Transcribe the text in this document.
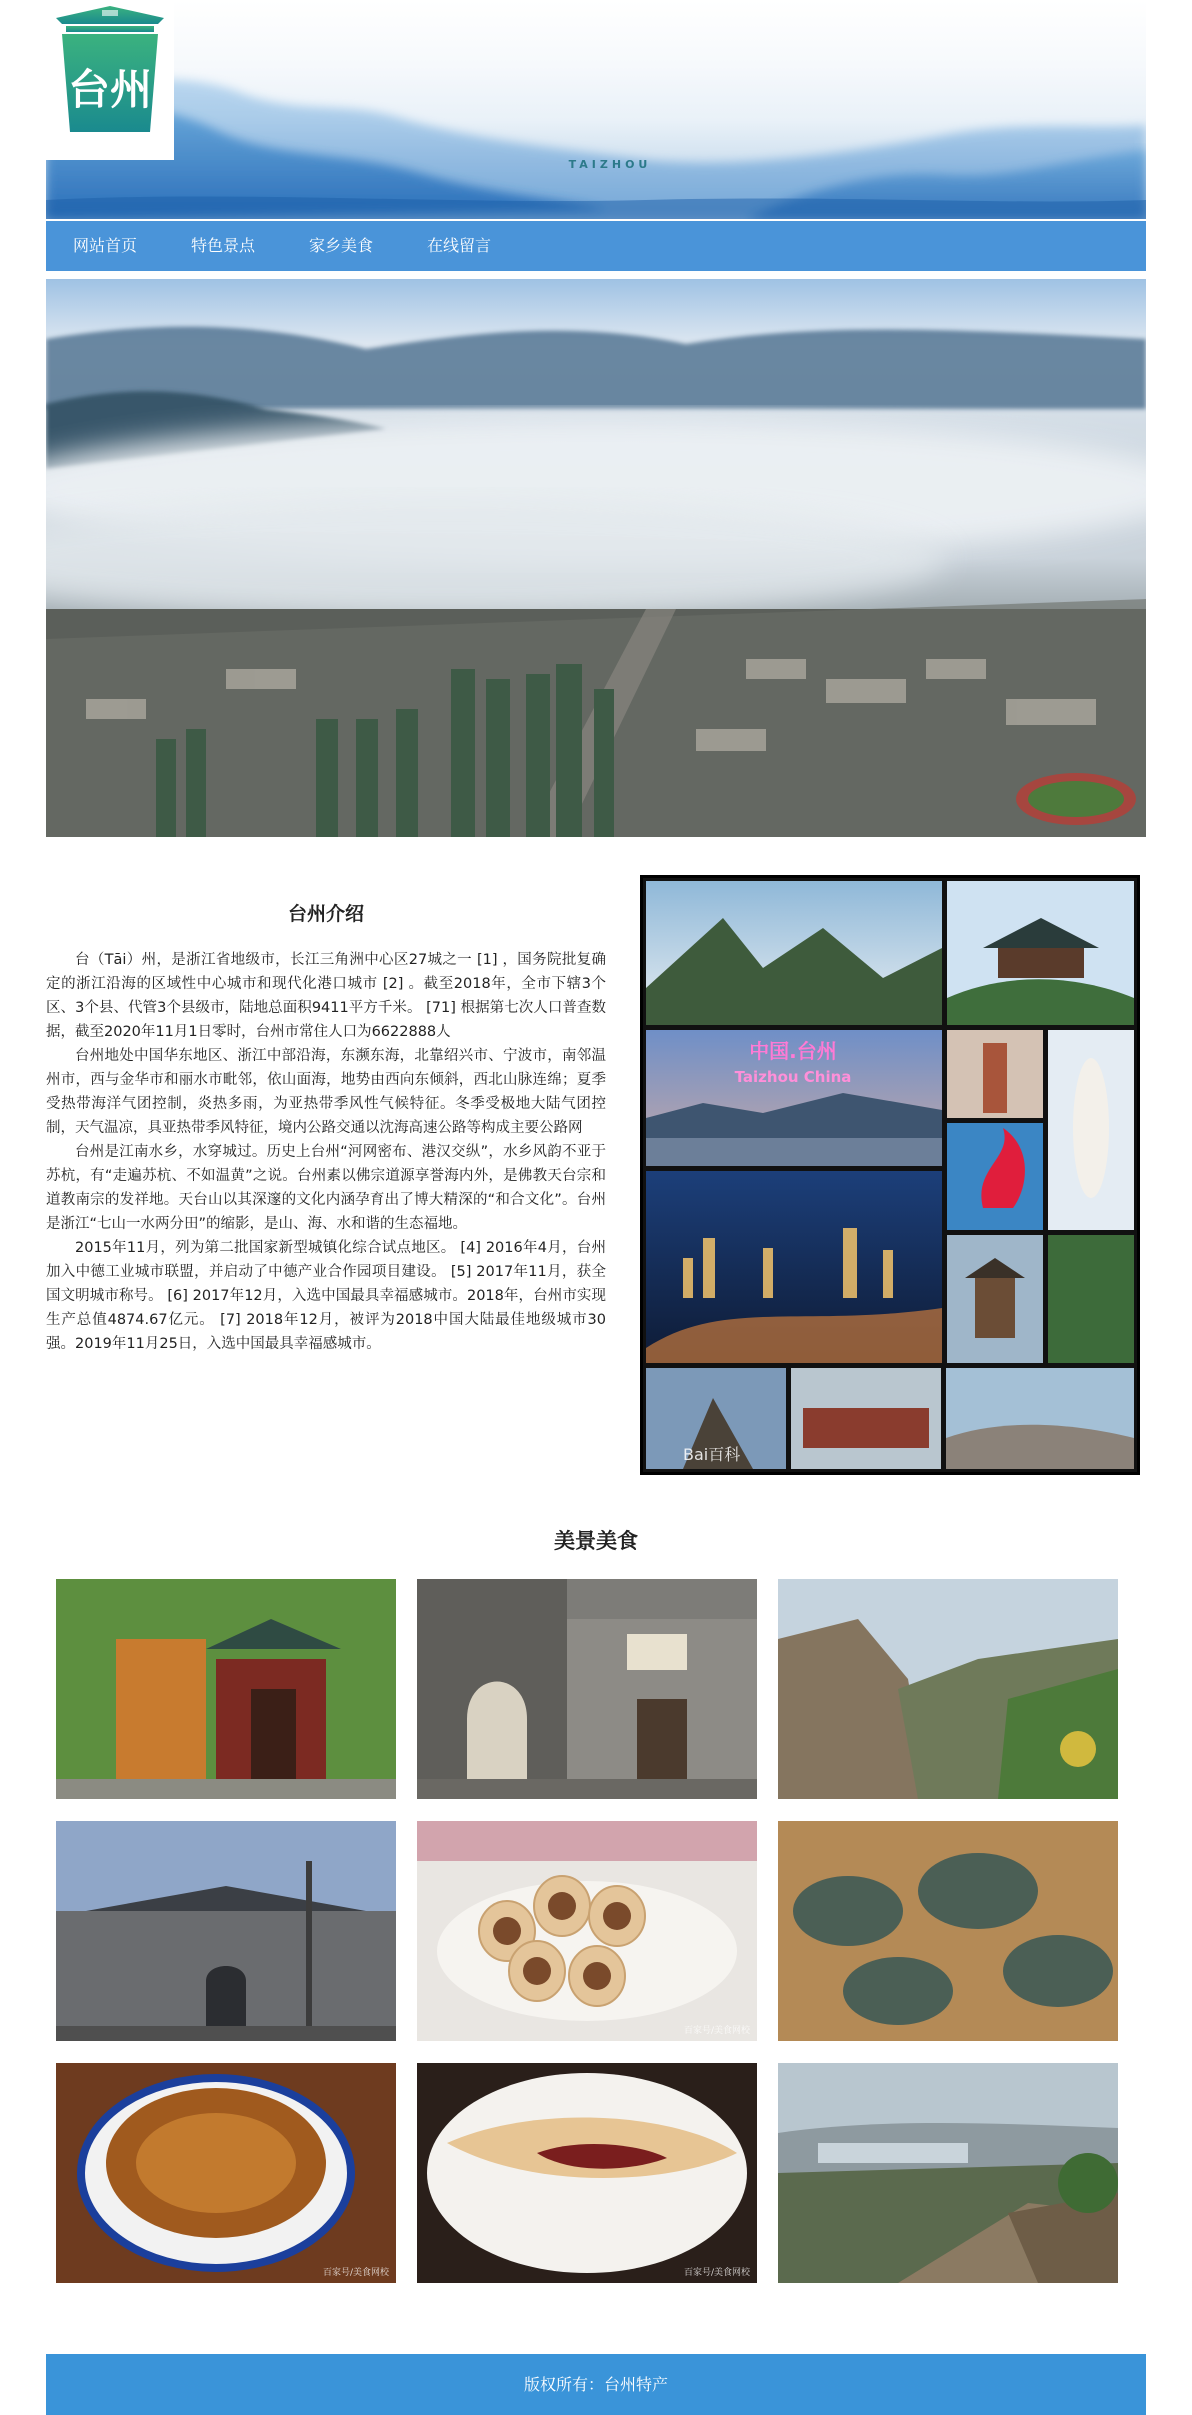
台州
TAIZHOU
网站首页	特色景点	家乡美食	在线留言
台州介绍

台（Tāi）州，是浙江省地级市，长江三角洲中心区27城之一 [1] ，国务院批复确定的浙江沿海的区域性中心城市和现代化港口城市 [2] 。截至2018年，全市下辖3个区、3个县、代管3个县级市，陆地总面积9411平方千米。 [71] 根据第七次人口普查数据，截至2020年11月1日零时，台州市常住人口为6622888人

台州地处中国华东地区、浙江中部沿海，东濒东海，北靠绍兴市、宁波市，南邻温州市，西与金华市和丽水市毗邻，依山面海，地势由西向东倾斜，西北山脉连绵；夏季受热带海洋气团控制，炎热多雨，为亚热带季风性气候特征。冬季受极地大陆气团控制，天气温凉，具亚热带季风特征，境内公路交通以沈海高速公路等构成主要公路网

台州是江南水乡，水穿城过。历史上台州“河网密布、港汉交纵”，水乡风韵不亚于苏杭，有“走遍苏杭、不如温黄”之说。台州素以佛宗道源享誉海内外，是佛教天台宗和道教南宗的发祥地。天台山以其深邃的文化内涵孕育出了博大精深的“和合文化”。台州是浙江“七山一水两分田”的缩影，是山、海、水和谐的生态福地。

2015年11月，列为第二批国家新型城镇化综合试点地区。 [4] 2016年4月，台州加入中德工业城市联盟，并启动了中德产业合作园项目建设。 [5] 2017年11月，获全国文明城市称号。 [6] 2017年12月，入选中国最具幸福感城市。2018年，台州市实现生产总值4874.67亿元。 [7] 2018年12月，被评为2018中国大陆最佳地级城市30强。2019年11月25日，入选中国最具幸福感城市。

中国.台州
Taizhou China
Bai百科
美景美食
百家号/美食网校
百家号/美食网校	百家号/美食网校
版权所有：台州特产
